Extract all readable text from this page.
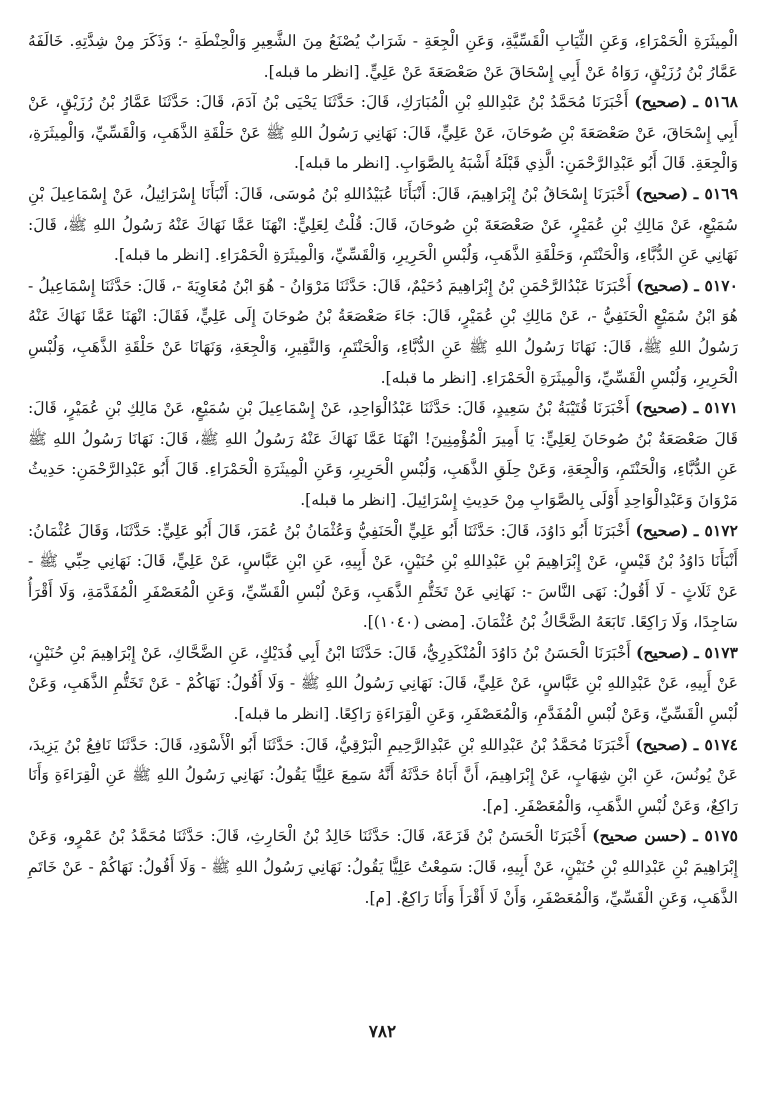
الْمِيثَرَةِ الْحَمْرَاءِ، وَعَنِ الثِّيَابِ الْقَسِّيَّةِ، وَعَنِ الْجِعَةِ - شَرَابٌ يُصْنَعُ مِنَ الشَّعِيرِ وَالْحِنْطَةِ -؛ وَذَكَرَ مِنْ شِدَّتِهِ. خَالَفَهُ عَمَّارُ بْنُ رُزَيْقٍ، رَوَاهُ عَنْ أَبِي إِسْحَاقَ عَنْ صَعْصَعَةَ عَنْ عَلِيٍّ. [انظر ما قبله].

٥١٦٨ ـ (صحيح) أَخْبَرَنَا مُحَمَّدُ بْنُ عَبْدِاللهِ بْنِ الْمُبَارَكِ، قَالَ: حَدَّثَنَا يَحْيَى بْنُ آدَمَ، قَالَ: حَدَّثَنَا عَمَّارُ بْنُ رُزَيْقٍ، عَنْ أَبِي إِسْحَاقَ، عَنْ صَعْصَعَةَ بْنِ صُوحَانَ، عَنْ عَلِيٍّ، قَالَ: نَهَانِي رَسُولُ اللهِ ﷺ عَنْ حَلْقَةِ الذَّهَبِ، وَالْقَسِّيِّ، وَالْمِيثَرَةِ، وَالْجِعَةِ. قَالَ أَبُو عَبْدِالرَّحْمَنِ: الَّذِي قَبْلَهُ أَشْبَهُ بِالصَّوَابِ. [انظر ما قبله].

٥١٦٩ ـ (صحيح) أَخْبَرَنَا إِسْحَاقُ بْنُ إِبْرَاهِيمَ، قَالَ: أَنْبَأَنَا عُبَيْدُاللهِ بْنُ مُوسَى، قَالَ: أَنْبَأَنَا إِسْرَائِيلُ، عَنْ إِسْمَاعِيلَ بْنِ سُمَيْعٍ، عَنْ مَالِكِ بْنِ عُمَيْرٍ، عَنْ صَعْصَعَةَ بْنِ صُوحَانَ، قَالَ: قُلْتُ لِعَلِيٍّ: انْهَنَا عَمَّا نَهَاكَ عَنْهُ رَسُولُ اللهِ ﷺ، قَالَ: نَهَانِي عَنِ الدُّبَّاءِ، وَالْحَنْتَمِ، وَحَلْقَةِ الذَّهَبِ، وَلُبْسِ الْحَرِيرِ، وَالْقَسِّيِّ، وَالْمِيثَرَةِ الْحَمْرَاءِ. [انظر ما قبله].

٥١٧٠ ـ (صحيح) أَخْبَرَنَا عَبْدُالرَّحْمَنِ بْنُ إِبْرَاهِيمَ دُحَيْمٌ، قَالَ: حَدَّثَنَا مَرْوَانُ - هُوَ ابْنُ مُعَاوِيَةَ -، قَالَ: حَدَّثَنَا إِسْمَاعِيلُ - هُوَ ابْنُ سُمَيْعٍ الْحَنَفِيُّ -، عَنْ مَالِكِ بْنِ عُمَيْرٍ، قَالَ: جَاءَ صَعْصَعَةُ بْنُ صُوحَانَ إِلَى عَلِيٍّ، فَقَالَ: انْهَنَا عَمَّا نَهَاكَ عَنْهُ رَسُولُ اللهِ ﷺ، قَالَ: نَهَانَا رَسُولُ اللهِ ﷺ عَنِ الدُّبَّاءِ، وَالْحَنْتَمِ، وَالنَّقِيرِ، وَالْجِعَةِ، وَنَهَانَا عَنْ حَلْقَةِ الذَّهَبِ، وَلُبْسِ الْحَرِيرِ، وَلُبْسِ الْقَسِّيِّ، وَالْمِيثَرَةِ الْحَمْرَاءِ. [انظر ما قبله].

٥١٧١ ـ (صحيح) أَخْبَرَنَا قُتَيْبَةُ بْنُ سَعِيدٍ، قَالَ: حَدَّثَنَا عَبْدُالْوَاحِدِ، عَنْ إِسْمَاعِيلَ بْنِ سُمَيْعٍ، عَنْ مَالِكِ بْنِ عُمَيْرٍ، قَالَ: قَالَ صَعْصَعَةُ بْنُ صُوحَانَ لِعَلِيٍّ: يَا أَمِيرَ الْمُؤْمِنِينَ! انْهَنَا عَمَّا نَهَاكَ عَنْهُ رَسُولُ اللهِ ﷺ، قَالَ: نَهَانَا رَسُولُ اللهِ ﷺ عَنِ الدُّبَّاءِ، وَالْحَنْتَمِ، وَالْجِعَةِ، وَعَنْ حِلَقِ الذَّهَبِ، وَلُبْسِ الْحَرِيرِ، وَعَنِ الْمِيثَرَةِ الْحَمْرَاءِ. قَالَ أَبُو عَبْدِالرَّحْمَنِ: حَدِيثُ مَرْوَانَ وَعَبْدِالْوَاحِدِ أَوْلَى بِالصَّوَابِ مِنْ حَدِيثِ إِسْرَائِيلَ. [انظر ما قبله].

٥١٧٢ ـ (صحيح) أَخْبَرَنَا أَبُو دَاوُدَ، قَالَ: حَدَّثَنَا أَبُو عَلِيٍّ الْحَنَفِيُّ وَعُثْمَانُ بْنُ عُمَرَ، قَالَ أَبُو عَلِيٍّ: حَدَّثَنَا، وَقَالَ عُثْمَانُ: أَنْبَأَنَا دَاوُدُ بْنُ قَيْسٍ، عَنْ إِبْرَاهِيمَ بْنِ عَبْدِاللهِ بْنِ حُنَيْنٍ، عَنْ أَبِيهِ، عَنِ ابْنِ عَبَّاسٍ، عَنْ عَلِيٍّ، قَالَ: نَهَانِي حِبِّي ﷺ - عَنْ ثَلَاثٍ - لَا أَقُولُ: نَهَى النَّاسَ -: نَهَانِي عَنْ تَخَتُّمِ الذَّهَبِ، وَعَنْ لُبْسِ الْقَسِّيِّ، وَعَنِ الْمُعَصْفَرِ الْمُفَدَّمَةِ، وَلَا أَقْرَأُ سَاجِدًا، وَلَا رَاكِعًا. تَابَعَهُ الضَّحَّاكُ بْنُ عُثْمَانَ. [مضى (١٠٤٠)].

٥١٧٣ ـ (صحيح) أَخْبَرَنَا الْحَسَنُ بْنُ دَاوُدَ الْمُنْكَدِرِيُّ، قَالَ: حَدَّثَنَا ابْنُ أَبِي فُدَيْكٍ، عَنِ الضَّحَّاكِ، عَنْ إِبْرَاهِيمَ بْنِ حُنَيْنٍ، عَنْ أَبِيهِ، عَنْ عَبْدِاللهِ بْنِ عَبَّاسٍ، عَنْ عَلِيٍّ، قَالَ: نَهَانِي رَسُولُ اللهِ ﷺ - وَلَا أَقُولُ: نَهَاكُمْ - عَنْ تَخَتُّمِ الذَّهَبِ، وَعَنْ لُبْسِ الْقَسِّيِّ، وَعَنْ لُبْسِ الْمُفَدَّمِ، وَالْمُعَصْفَرِ، وَعَنِ الْقِرَاءَةِ رَاكِعًا. [انظر ما قبله].

٥١٧٤ ـ (صحيح) أَخْبَرَنَا مُحَمَّدُ بْنُ عَبْدِاللهِ بْنِ عَبْدِالرَّحِيمِ الْبَرْقِيُّ، قَالَ: حَدَّثَنَا أَبُو الْأَسْوَدِ، قَالَ: حَدَّثَنَا نَافِعُ بْنُ يَزِيدَ، عَنْ يُونُسَ، عَنِ ابْنِ شِهَابٍ، عَنْ إِبْرَاهِيمَ، أَنَّ أَبَاهُ حَدَّثَهُ أَنَّهُ سَمِعَ عَلِيًّا يَقُولُ: نَهَانِي رَسُولُ اللهِ ﷺ عَنِ الْقِرَاءَةِ وَأَنَا رَاكِعٌ، وَعَنْ لُبْسِ الذَّهَبِ، وَالْمُعَصْفَرِ. [م].

٥١٧٥ ـ (حسن صحيح) أَخْبَرَنَا الْحَسَنُ بْنُ قَزَعَةَ، قَالَ: حَدَّثَنَا خَالِدُ بْنُ الْحَارِثِ، قَالَ: حَدَّثَنَا مُحَمَّدُ بْنُ عَمْرٍو، وَعَنْ إِبْرَاهِيمَ بْنِ عَبْدِاللهِ بْنِ حُنَيْنٍ، عَنْ أَبِيهِ، قَالَ: سَمِعْتُ عَلِيًّا يَقُولُ: نَهَانِي رَسُولُ اللهِ ﷺ - وَلَا أَقُولُ: نَهَاكُمْ - عَنْ خَاتَمِ الذَّهَبِ، وَعَنِ الْقَسِّيِّ، وَالْمُعَصْفَرِ، وَأَنْ لَا أَقْرَأَ وَأَنَا رَاكِعٌ. [م].

٧٨٢
